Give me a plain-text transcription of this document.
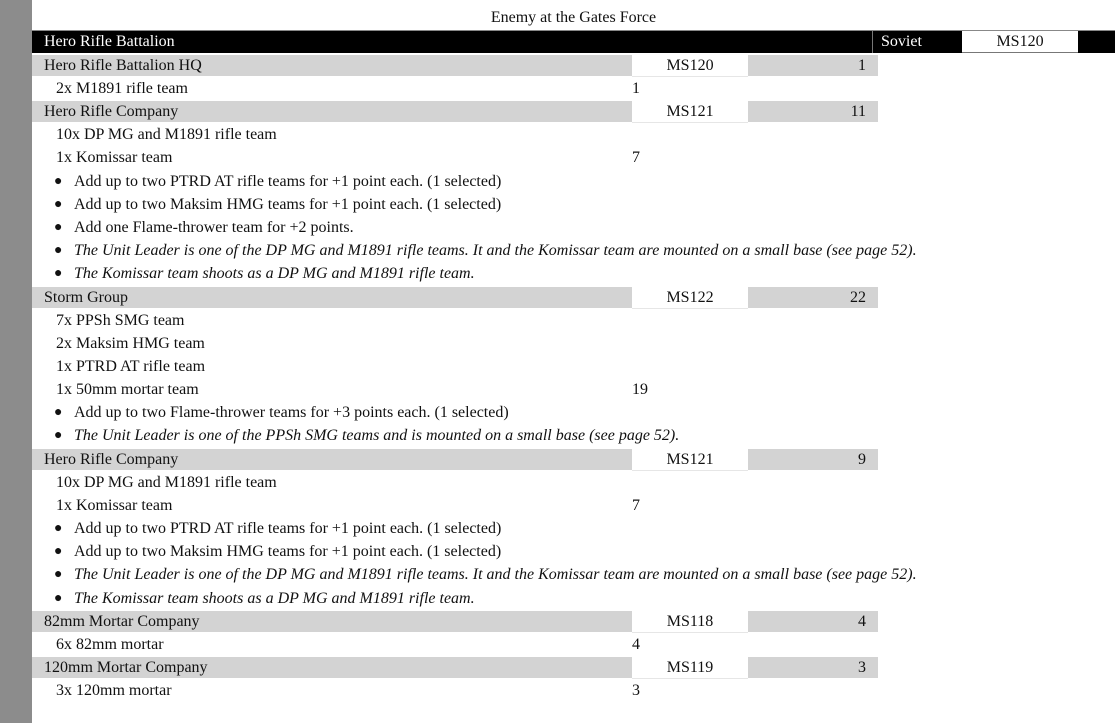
Enemy at the Gates Force
Hero Rifle Battalion	Soviet	MS120
Hero Rifle Battalion HQ	MS120	1
2x M1891 rifle team	1
Hero Rifle Company	MS121	11
10x DP MG and M1891 rifle team
1x Komissar team	7
● Add up to two PTRD AT rifle teams for +1 point each. (1 selected)
● Add up to two Maksim HMG teams for +1 point each. (1 selected)
● Add one Flame-thrower team for +2 points.
● The Unit Leader is one of the DP MG and M1891 rifle teams. It and the Komissar team are mounted on a small base (see page 52).
● The Komissar team shoots as a DP MG and M1891 rifle team.
Storm Group	MS122	22
7x PPSh SMG team
2x Maksim HMG team
1x PTRD AT rifle team
1x 50mm mortar team	19
● Add up to two Flame-thrower teams for +3 points each. (1 selected)
● The Unit Leader is one of the PPSh SMG teams and is mounted on a small base (see page 52).
Hero Rifle Company	MS121	9
10x DP MG and M1891 rifle team
1x Komissar team	7
● Add up to two PTRD AT rifle teams for +1 point each. (1 selected)
● Add up to two Maksim HMG teams for +1 point each. (1 selected)
● The Unit Leader is one of the DP MG and M1891 rifle teams. It and the Komissar team are mounted on a small base (see page 52).
● The Komissar team shoots as a DP MG and M1891 rifle team.
82mm Mortar Company	MS118	4
6x 82mm mortar	4
120mm Mortar Company	MS119	3
3x 120mm mortar	3
